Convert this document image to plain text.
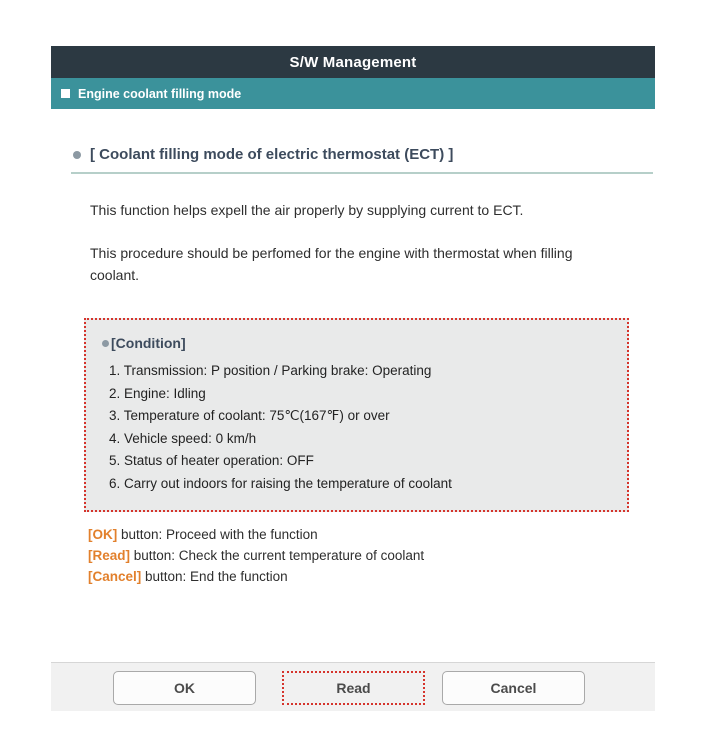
S/W Management
Engine coolant filling mode
[ Coolant filling mode of electric thermostat (ECT) ]
This function helps expell the air properly by supplying current to ECT.
This procedure should be perfomed for the engine with thermostat when filling coolant.
[Condition]
1. Transmission: P position / Parking brake: Operating
2. Engine: Idling
3. Temperature of coolant: 75℃(167℉) or over
4. Vehicle speed: 0 km/h
5. Status of heater operation: OFF
6. Carry out indoors for raising the temperature of coolant
[OK] button: Proceed with the function
[Read] button: Check the current temperature of coolant
[Cancel] button: End the function
OK	Read	Cancel
